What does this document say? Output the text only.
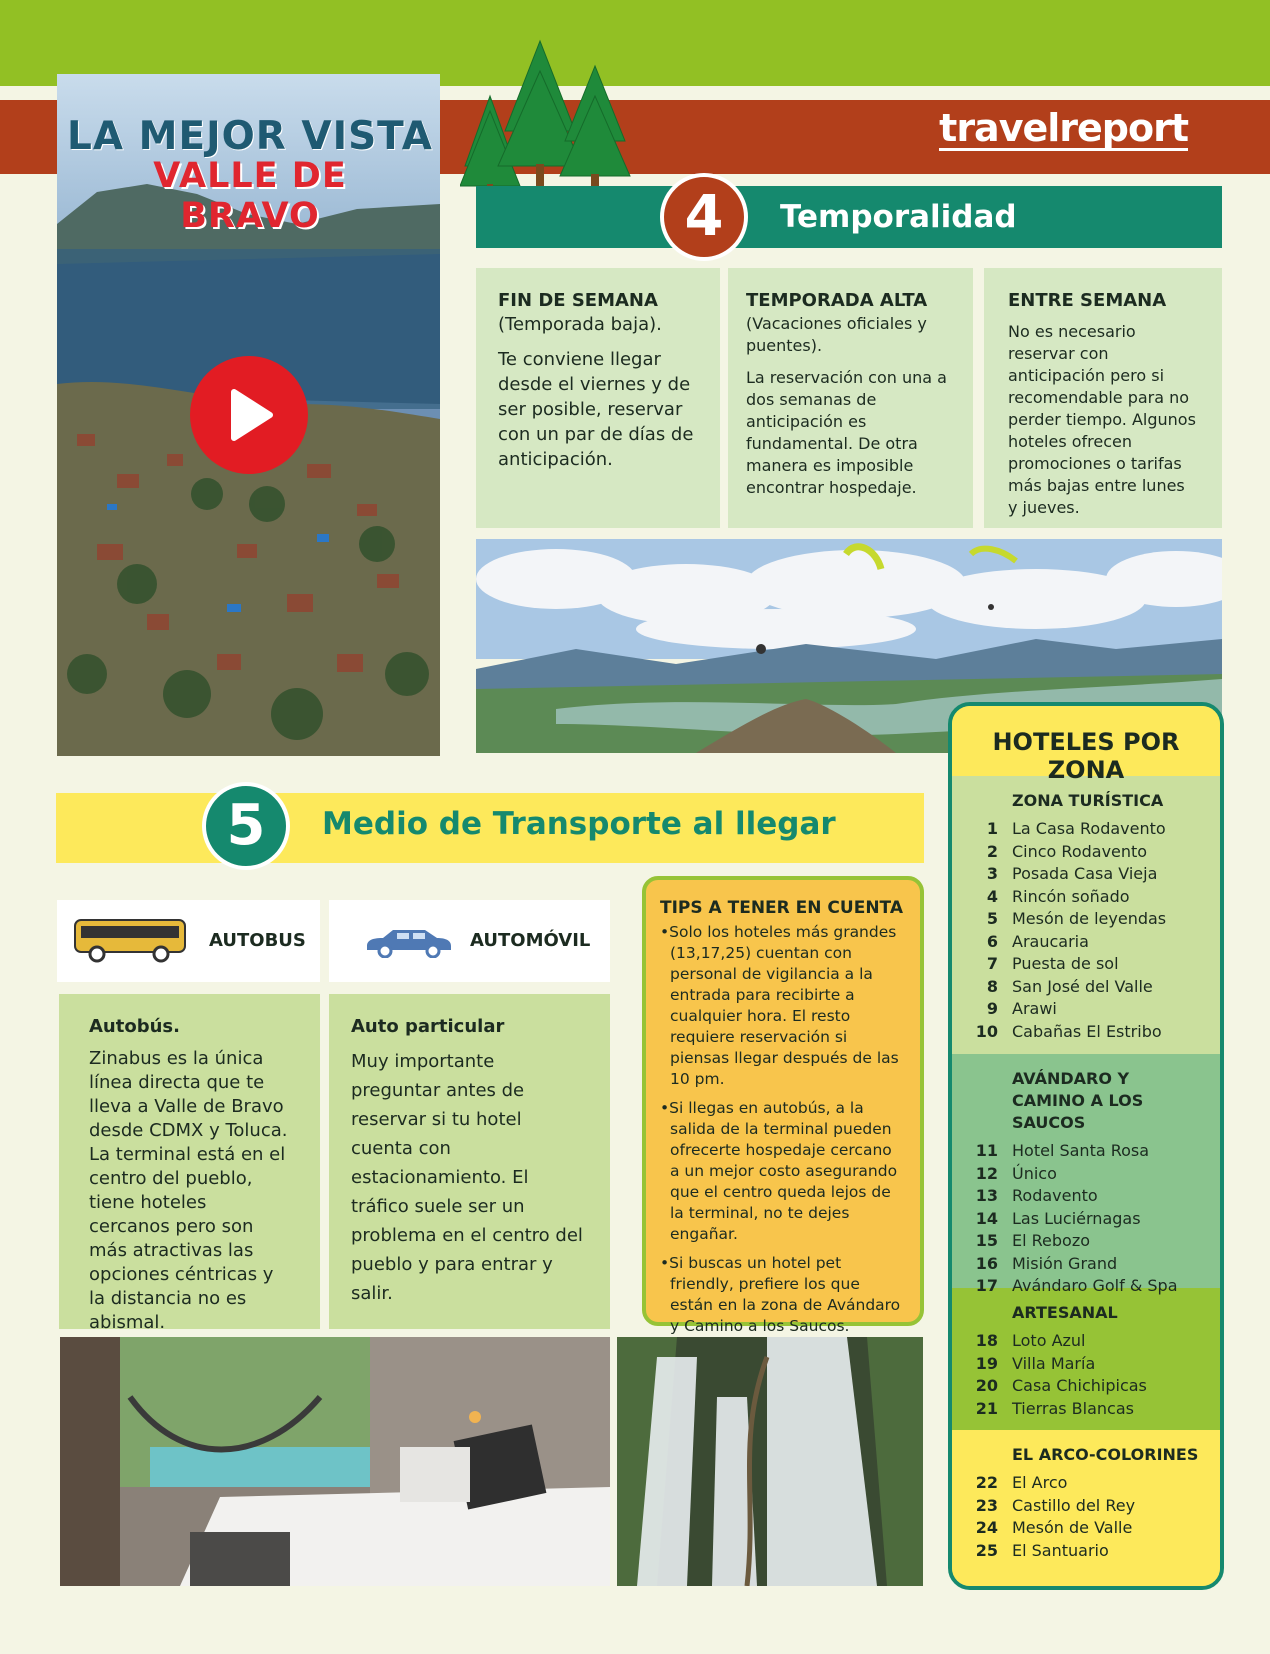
travelreport
LA MEJOR VISTA
VALLE DE BRAVO	4	Temporalidad
FIN DE SEMANA
(Temporada baja).

Te conviene llegar desde el viernes y de ser posible, reservar con un par de días de anticipación.

TEMPORADA ALTA

(Vacaciones oficiales y puentes).

La reservación con una a dos semanas de anticipación es fundamental. De otra manera es imposible encontrar hospedaje.

ENTRE SEMANA

No es necesario reservar con anticipación pero si recomendable para no perder tiempo. Algunos hoteles ofrecen promociones o tarifas más bajas entre lunes y jueves.

5	Medio de Transporte al llegar
AUTOBUS	AUTOMÓVIL
Autobús.

Zinabus es la única línea directa que te lleva a Valle de Bravo desde CDMX y Toluca. La terminal está en el centro del pueblo, tiene hoteles cercanos pero son más atractivas las opciones céntricas y la distancia no es abismal.

Auto particular

Muy importante preguntar antes de reservar si tu hotel cuenta con estacionamiento. El tráfico suele ser un problema en el centro del pueblo y para entrar y salir.

TIPS A TENER EN CUENTA
• Solo los hoteles más grandes (13,17,25) cuentan con personal de vigilancia a la entrada para recibirte a cualquier hora. El resto requiere reservación si piensas llegar después de las 10 pm.
• Si llegas en autobús, a la salida de la terminal pueden ofrecerte hospedaje cercano a un mejor costo asegurando que el centro queda lejos de la terminal, no te dejes engañar.
• Si buscas un hotel pet friendly, prefiere los que están en la zona de Avándaro y Camino a los Saucos.
HOTELES POR ZONA
ZONA TURÍSTICA
1 La Casa Rodavento
2 Cinco Rodavento
3 Posada Casa Vieja
4 Rincón soñado
5 Mesón de leyendas
6 Araucaria
7 Puesta de sol
8 San José del Valle
9 Arawi
10 Cabañas El Estribo
AVÁNDARO Y CAMINO A LOS SAUCOS
11 Hotel Santa Rosa
12 Único
13 Rodavento
14 Las Luciérnagas
15 El Rebozo
16 Misión Grand
17 Avándaro Golf & Spa
ARTESANAL
18 Loto Azul
19 Villa María
20 Casa Chichipicas
21 Tierras Blancas
EL ARCO-COLORINES
22 El Arco
23 Castillo del Rey
24 Mesón de Valle
25 El Santuario
